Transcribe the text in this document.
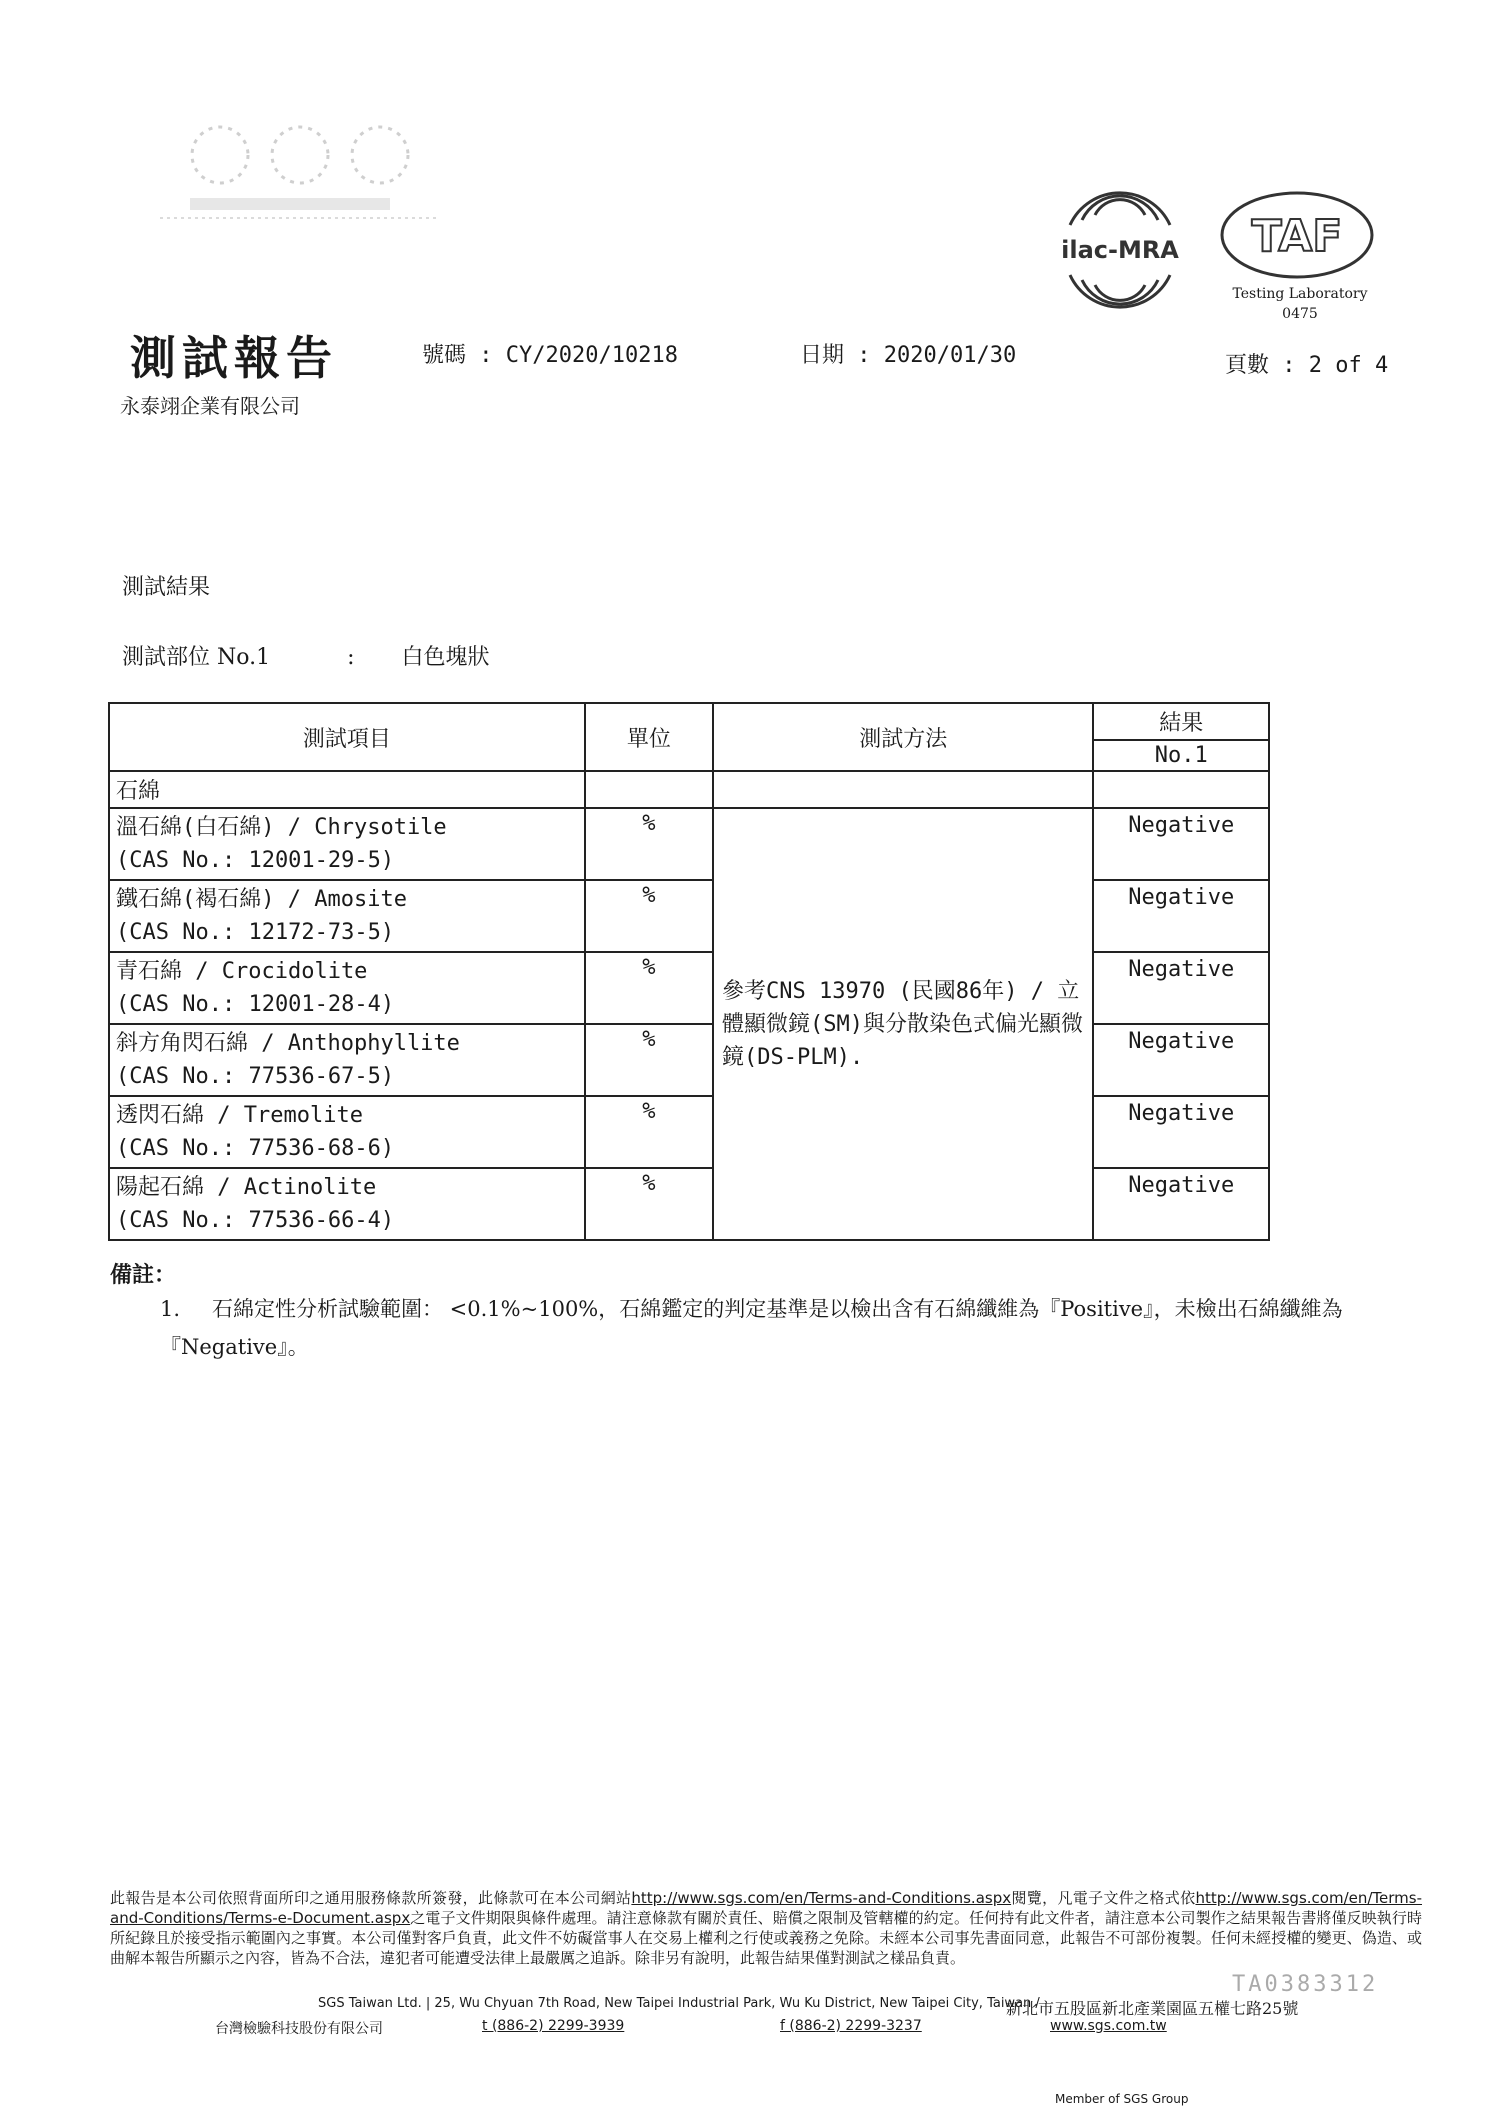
測試報告	號碼 : CY/2020/10218	日期 : 2020/01/30	頁數 : 2 of 4
永泰翊企業有限公司
ilac-MRA TAF
Testing Laboratory
0475
測試結果
測試部位 No.1	: 白色塊狀
測試項目	單位	測試方法	結果
			No.1
石綿			

溫石綿(白石綿) / Chrysotile
(CAS No.: 12001-29-5)	%	參考CNS 13970 (民國86年) / 立體顯微鏡(SM)與分散染色式偏光顯微鏡(DS-PLM).	Negative

鐵石綿(褐石綿) / Amosite
(CAS No.: 12172-73-5)	%		Negative

青石綿 / Crocidolite
(CAS No.: 12001-28-4)	%		Negative

斜方角閃石綿 / Anthophyllite
(CAS No.: 77536-67-5)	%		Negative

透閃石綿 / Tremolite
(CAS No.: 77536-68-6)	%		Negative

陽起石綿 / Actinolite
(CAS No.: 77536-66-4)	%		Negative
備註：
1. 石綿定性分析試驗範圍： <0.1%~100%，石綿鑑定的判定基準是以檢出含有石綿纖維為『Positive』，未檢出石綿纖維為『Negative』。
此報告是本公司依照背面所印之通用服務條款所簽發，此條款可在本公司網站http://www.sgs.com/en/Terms-and-Conditions.aspx閱覽，凡電子文件之格式依http://www.sgs.com/en/Terms-and-Conditions/Terms-e-Document.aspx之電子文件期限與條件處理。請注意條款有關於責任、賠償之限制及管轄權的約定。任何持有此文件者，請注意本公司製作之結果報告書將僅反映執行時所紀錄且於接受指示範圍內之事實。本公司僅對客戶負責，此文件不妨礙當事人在交易上權利之行使或義務之免除。未經本公司事先書面同意，此報告不可部份複製。任何未經授權的變更、偽造、或曲解本報告所顯示之內容，皆為不合法，違犯者可能遭受法律上最嚴厲之追訴。除非另有說明，此報告結果僅對測試之樣品負責。
TA0383312
SGS Taiwan Ltd. | 25, Wu Chyuan 7th Road, New Taipei Industrial Park, Wu Ku District, New Taipei City, Taiwan /
新北市五股區新北產業園區五權七路25號
台灣檢驗科技股份有限公司	t (886-2) 2299-3939	f (886-2) 2299-3237	www.sgs.com.tw
Member of SGS Group
